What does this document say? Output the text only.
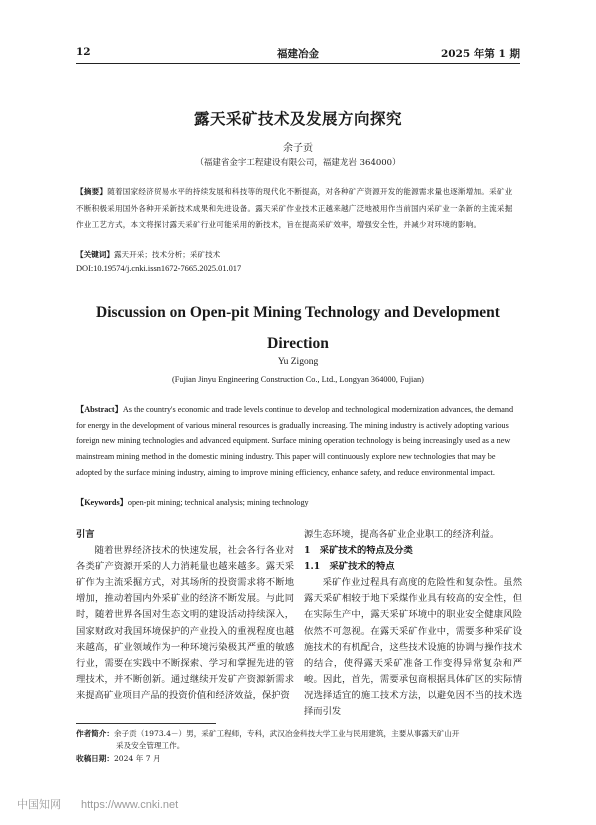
12	福建冶金	2025 年第 1 期
露天采矿技术及发展方向探究
余子贡
（福建省金宇工程建设有限公司，福建龙岩 364000）
【摘要】随着国家经济贸易水平的持续发展和科技等的现代化不断提高，对各种矿产资源开发的能源需求量也逐渐增加。采矿业不断积极采用国外各种开采新技术成果和先进设备。露天采矿作业技术正越来越广泛地被用作当前国内采矿业一条新的主流采掘作业工艺方式，本文将探讨露天采矿行业可能采用的新技术，旨在提高采矿效率，增强安全性，并减少对环境的影响。
【关键词】露天开采；技术分析；采矿技术
DOI:10.19574/j.cnki.issn1672-7665.2025.01.017
Discussion on Open-pit Mining Technology and Development Direction
Yu Zigong
(Fujian Jinyu Engineering Construction Co., Ltd., Longyan 364000, Fujian)
【Abstract】As the country's economic and trade levels continue to develop and technological modernization advances, the demand for energy in the development of various mineral resources is gradually increasing. The mining industry is actively adopting various foreign new mining technologies and advanced equipment. Surface mining operation technology is being increasingly used as a new mainstream mining method in the domestic mining industry. This paper will continuously explore new technologies that may be adopted by the surface mining industry, aiming to improve mining efficiency, enhance safety, and reduce environmental impact.
【Keywords】open-pit mining; technical analysis; mining technology
引言
随着世界经济技术的快速发展，社会各行各业对各类矿产资源开采的人力消耗量也越来越多。露天采矿作为主流采掘方式，对其场所的投资需求将不断地增加，推动着国内外采矿业的经济不断发展。与此同时，随着世界各国对生态文明的建设活动持续深入，国家财政对我国环境保护的产业投入的重视程度也越来越高，矿业领域作为一种环境污染极其严重的敏感行业，需要在实践中不断探索、学习和掌握先进的管理技术，并不断创新。通过继续开发矿产资源新需求来提高矿业项目产品的投资价值和经济效益，保护资
源生态环境，提高各矿业企业职工的经济利益。
1　采矿技术的特点及分类
1.1　采矿技术的特点
采矿作业过程具有高度的危险性和复杂性。虽然露天采矿相较于地下采煤作业具有较高的安全性，但在实际生产中，露天采矿环境中的职业安全健康风险依然不可忽视。在露天采矿作业中，需要多种采矿设施技术的有机配合，这些技术设施的协调与操作技术的结合，使得露天采矿准备工作变得异常复杂和严峻。因此，首先，需要承包商根据具体矿区的实际情况选择适宜的施工技术方法，以避免因不当的技术选择而引发
作者简介：余子贡（1973.4－）男，采矿工程师，专科，武汉冶金科技大学工业与民用建筑，主要从事露天矿山开
采及安全管理工作。
收稿日期：2024 年 7 月
中国知网 https://www.cnki.net
